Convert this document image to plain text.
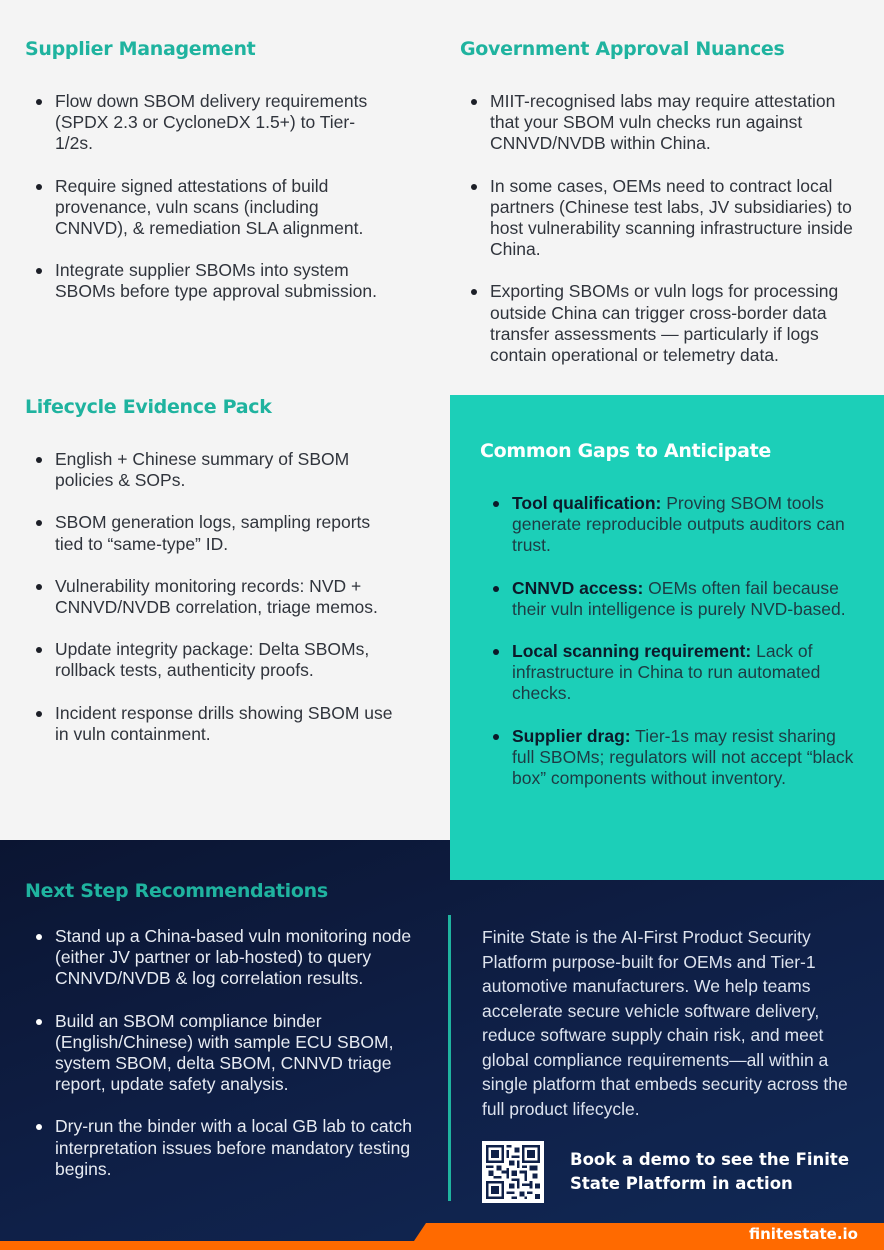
Supplier Management
Flow down SBOM delivery requirements (SPDX 2.3 or CycloneDX 1.5+) to Tier-1/2s.
Require signed attestations of build provenance, vuln scans (including CNNVD), & remediation SLA alignment.
Integrate supplier SBOMs into system SBOMs before type approval submission.
Government Approval Nuances
MIIT-recognised labs may require attestation that your SBOM vuln checks run against CNNVD/NVDB within China.
In some cases, OEMs need to contract local partners (Chinese test labs, JV subsidiaries) to host vulnerability scanning infrastructure inside China.
Exporting SBOMs or vuln logs for processing outside China can trigger cross-border data transfer assessments — particularly if logs contain operational or telemetry data.
Lifecycle Evidence Pack
English + Chinese summary of SBOM policies & SOPs.
SBOM generation logs, sampling reports tied to “same-type” ID.
Vulnerability monitoring records: NVD + CNNVD/NVDB correlation, triage memos.
Update integrity package: Delta SBOMs, rollback tests, authenticity proofs.
Incident response drills showing SBOM use in vuln containment.
Common Gaps to Anticipate
Tool qualification: Proving SBOM tools generate reproducible outputs auditors can trust.
CNNVD access: OEMs often fail because their vuln intelligence is purely NVD-based.
Local scanning requirement: Lack of infrastructure in China to run automated checks.
Supplier drag: Tier-1s may resist sharing full SBOMs; regulators will not accept “black box” components without inventory.
Next Step Recommendations
Stand up a China-based vuln monitoring node (either JV partner or lab-hosted) to query CNNVD/NVDB & log correlation results.
Build an SBOM compliance binder (English/Chinese) with sample ECU SBOM, system SBOM, delta SBOM, CNNVD triage report, update safety analysis.
Dry-run the binder with a local GB lab to catch interpretation issues before mandatory testing begins.

Finite State is the AI-First Product Security Platform purpose-built for OEMs and Tier-1 automotive manufacturers. We help teams accelerate secure vehicle software delivery, reduce software supply chain risk, and meet global compliance requirements—all within a single platform that embeds security across the full product lifecycle.

Book a demo to see the Finite State Platform in action

finitestate.io
